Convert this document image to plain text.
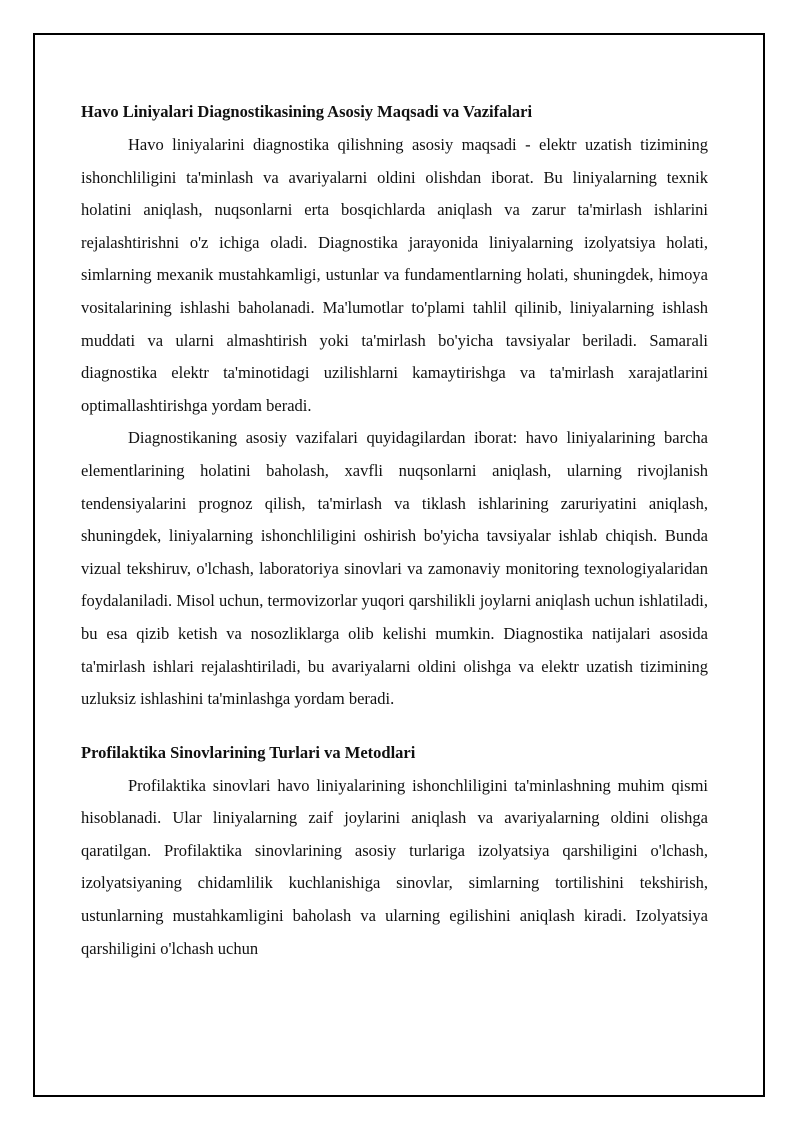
Havo Liniyalari Diagnostikasining Asosiy Maqsadi va Vazifalari

Havo liniyalarini diagnostika qilishning asosiy maqsadi - elektr uzatish tizimining ishonchliligini ta'minlash va avariyalarni oldini olishdan iborat. Bu liniyalarning texnik holatini aniqlash, nuqsonlarni erta bosqichlarda aniqlash va zarur ta'mirlash ishlarini rejalashtirishni o'z ichiga oladi. Diagnostika jarayonida liniyalarning izolyatsiya holati, simlarning mexanik mustahkamligi, ustunlar va fundamentlarning holati, shuningdek, himoya vositalarining ishlashi baholanadi. Ma'lumotlar to'plami tahlil qilinib, liniyalarning ishlash muddati va ularni almashtirish yoki ta'mirlash bo'yicha tavsiyalar beriladi. Samarali diagnostika elektr ta'minotidagi uzilishlarni kamaytirishga va ta'mirlash xarajatlarini optimallashtirishga yordam beradi.

Diagnostikaning asosiy vazifalari quyidagilardan iborat: havo liniyalarining barcha elementlarining holatini baholash, xavfli nuqsonlarni aniqlash, ularning rivojlanish tendensiyalarini prognoz qilish, ta'mirlash va tiklash ishlarining zaruriyatini aniqlash, shuningdek, liniyalarning ishonchliligini oshirish bo'yicha tavsiyalar ishlab chiqish. Bunda vizual tekshiruv, o'lchash, laboratoriya sinovlari va zamonaviy monitoring texnologiyalaridan foydalaniladi. Misol uchun, termovizorlar yuqori qarshilikli joylarni aniqlash uchun ishlatiladi, bu esa qizib ketish va nosozliklarga olib kelishi mumkin. Diagnostika natijalari asosida ta'mirlash ishlari rejalashtiriladi, bu avariyalarni oldini olishga va elektr uzatish tizimining uzluksiz ishlashini ta'minlashga yordam beradi.

Profilaktika Sinovlarining Turlari va Metodlari

Profilaktika sinovlari havo liniyalarining ishonchliligini ta'minlashning muhim qismi hisoblanadi. Ular liniyalarning zaif joylarini aniqlash va avariyalarning oldini olishga qaratilgan. Profilaktika sinovlarining asosiy turlariga izolyatsiya qarshiligini o'lchash, izolyatsiyaning chidamlilik kuchlanishiga sinovlar, simlarning tortilishini tekshirish, ustunlarning mustahkamligini baholash va ularning egilishini aniqlash kiradi. Izolyatsiya qarshiligini o'lchash uchun
